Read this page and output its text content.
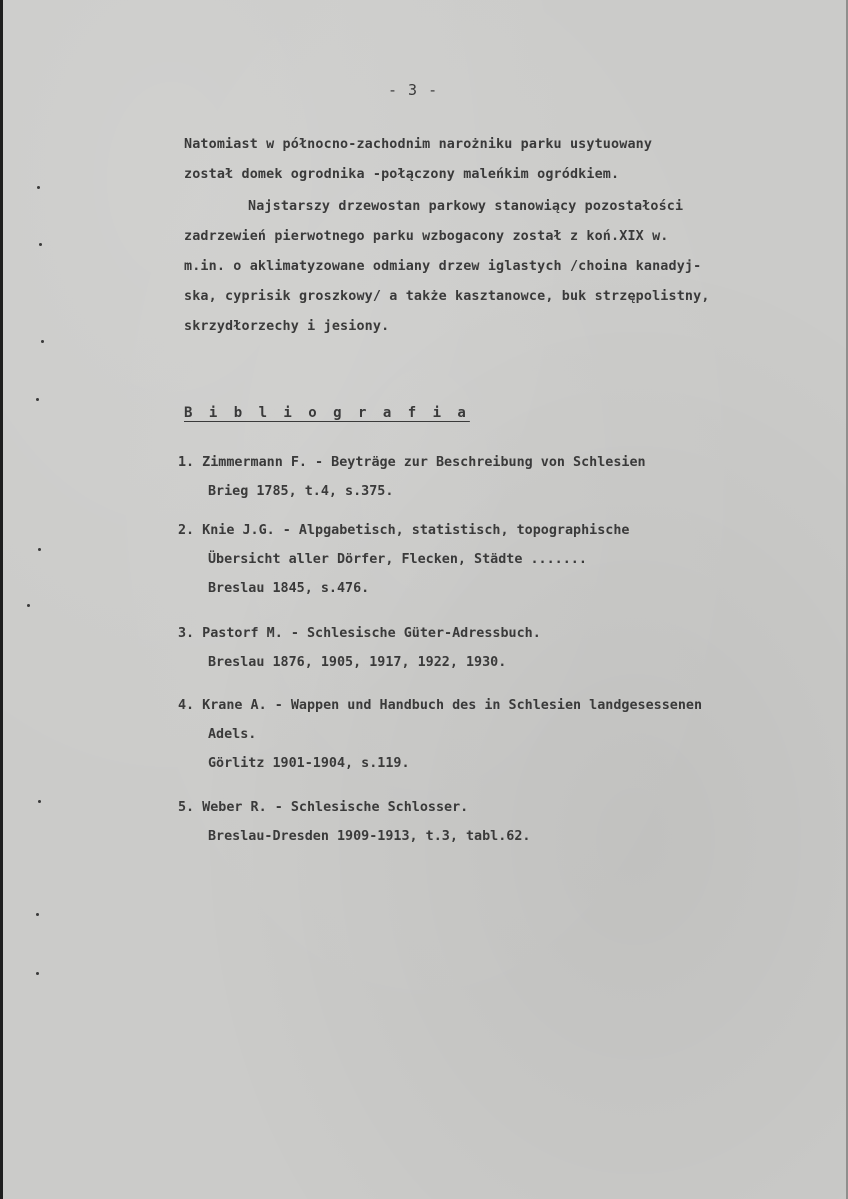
- 3 -
Natomiast w północno-zachodnim narożniku parku usytuowany
został domek ogrodnika -połączony maleńkim ogródkiem.
Najstarszy drzewostan parkowy stanowiący pozostałości
zadrzewień pierwotnego parku wzbogacony został z koń.XIX w.
m.in. o aklimatyzowane odmiany drzew iglastych /choina kanadyj-
ska, cyprisik groszkowy/ a także kasztanowce, buk strzępolistny,
skrzydłorzechy i jesiony.
B i b l i o g r a f i a
1. Zimmermann F. - Beyträge zur Beschreibung von Schlesien
Brieg 1785, t.4, s.375.
2. Knie J.G. - Alpgabetisch, statistisch, topographische
Übersicht aller Dörfer, Flecken, Städte .......
Breslau 1845, s.476.
3. Pastorf M. - Schlesische Güter-Adressbuch.
Breslau 1876, 1905, 1917, 1922, 1930.
4. Krane A. - Wappen und Handbuch des in Schlesien landgesessenen
Adels.
Görlitz 1901-1904, s.119.
5. Weber R. - Schlesische Schlosser.
Breslau-Dresden 1909-1913, t.3, tabl.62.
